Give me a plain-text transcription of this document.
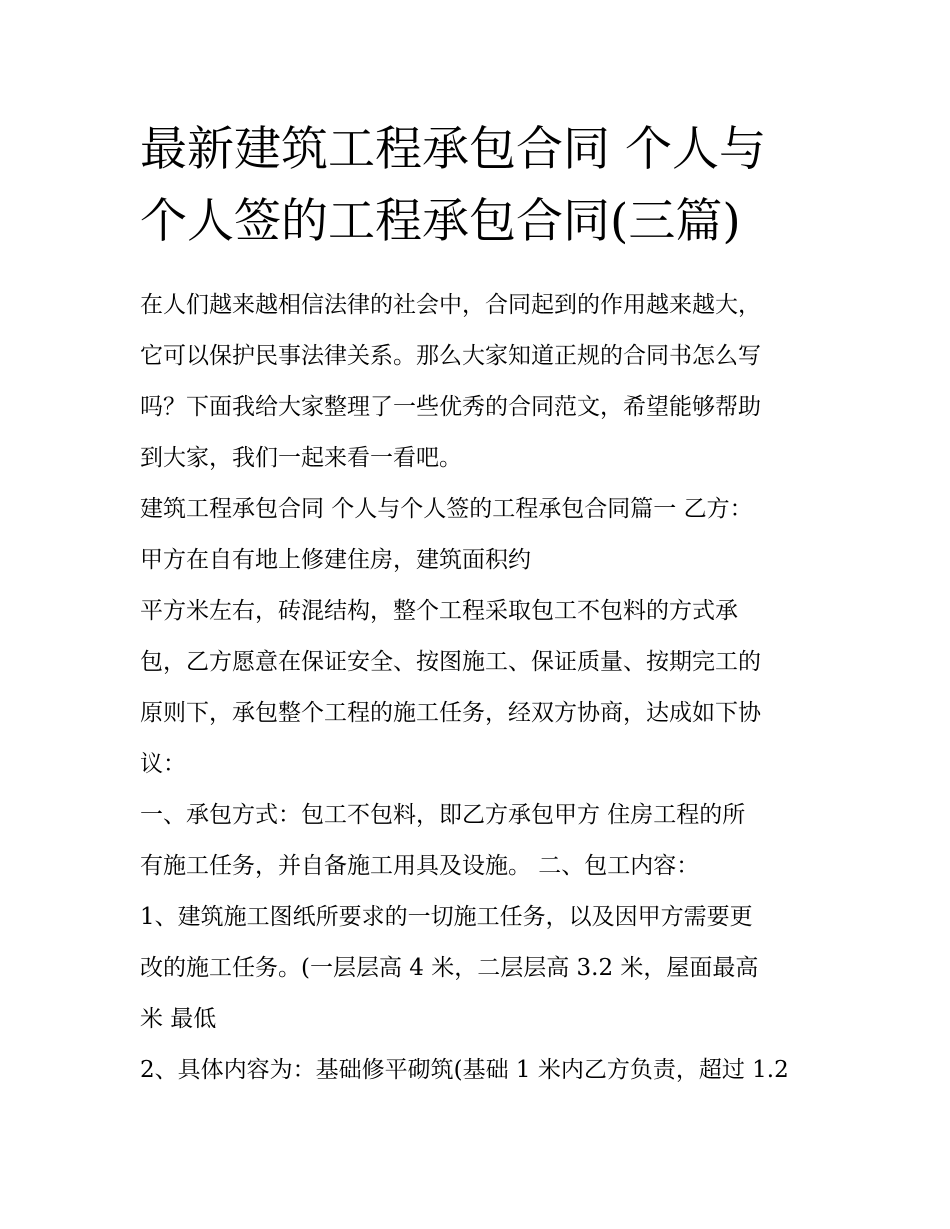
最新建筑工程承包合同 个人与
个人签的工程承包合同(三篇)

在人们越来越相信法律的社会中，合同起到的作用越来越大，
它可以保护民事法律关系。那么大家知道正规的合同书怎么写
吗？下面我给大家整理了一些优秀的合同范文，希望能够帮助
到大家，我们一起来看一看吧。

建筑工程承包合同 个人与个人签的工程承包合同篇一 乙方：
甲方在自有地上修建住房，建筑面积约

平方米左右，砖混结构，整个工程采取包工不包料的方式承
包，乙方愿意在保证安全、按图施工、保证质量、按期完工的
原则下，承包整个工程的施工任务，经双方协商，达成如下协
议：

一、承包方式：包工不包料，即乙方承包甲方 住房工程的所
有施工任务，并自备施工用具及设施。 二、包工内容：

1、建筑施工图纸所要求的一切施工任务，以及因甲方需要更
改的施工任务。(一层层高 4 米，二层层高 3.2 米，屋面最高
米 最低

2、具体内容为：基础修平砌筑(基础 1 米内乙方负责，超过 1.2
